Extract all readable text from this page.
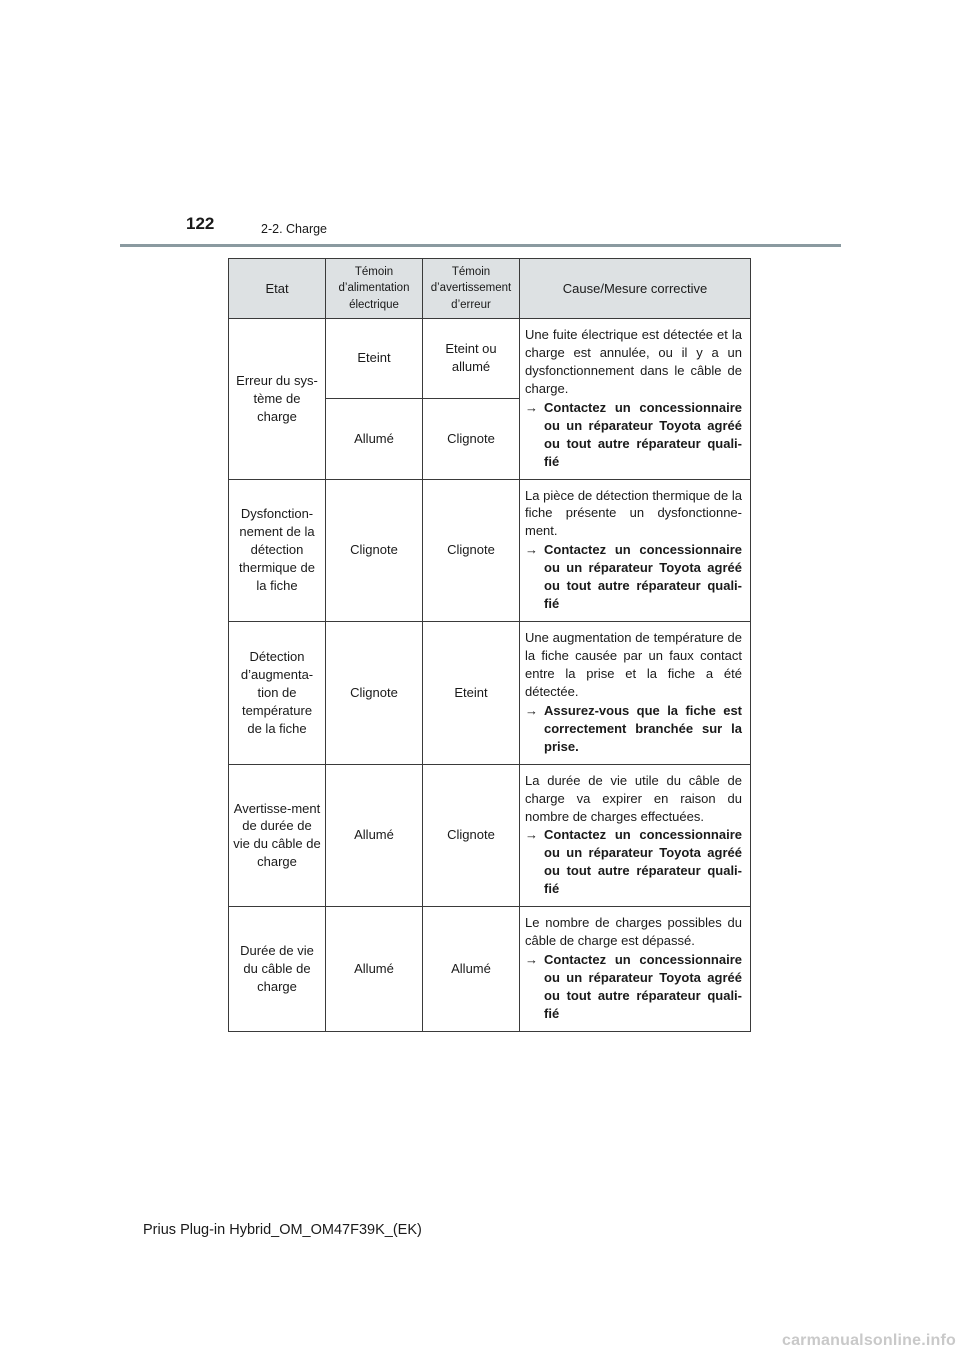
122	2-2. Charge
Etat	Témoin d’alimentation électrique	Témoin d’avertissement d’erreur	Cause/Mesure corrective
Erreur du sys-tème de charge	Eteint	Eteint ou allumé	Une fuite électrique est détectée et la charge est annulée, ou il y a un dysfonctionnement dans le câble de charge.
→ Contactez un concessionnaire ou un réparateur Toyota agréé ou tout autre réparateur quali-fié

	Allumé	Clignote	
Dysfonction-nement de la détection thermique de la fiche	Clignote	Clignote	La pièce de détection thermique de la fiche présente un dysfonctionne-ment.
→ Contactez un concessionnaire ou un réparateur Toyota agréé ou tout autre réparateur quali-fié

Détection d’augmenta-tion de température de la fiche	Clignote	Eteint	Une augmentation de température de la fiche causée par un faux contact entre la prise et la fiche a été détectée.
→ Assurez-vous que la fiche est correctement branchée sur la prise.

Avertisse-ment de durée de vie du câble de charge	Allumé	Clignote	La durée de vie utile du câble de charge va expirer en raison du nombre de charges effectuées.
→ Contactez un concessionnaire ou un réparateur Toyota agréé ou tout autre réparateur quali-fié

Durée de vie du câble de charge	Allumé	Allumé	Le nombre de charges possibles du câble de charge est dépassé.
→ Contactez un concessionnaire ou un réparateur Toyota agréé ou tout autre réparateur quali-fié
Prius Plug-in Hybrid_OM_OM47F39K_(EK)
carmanualsonline.info
